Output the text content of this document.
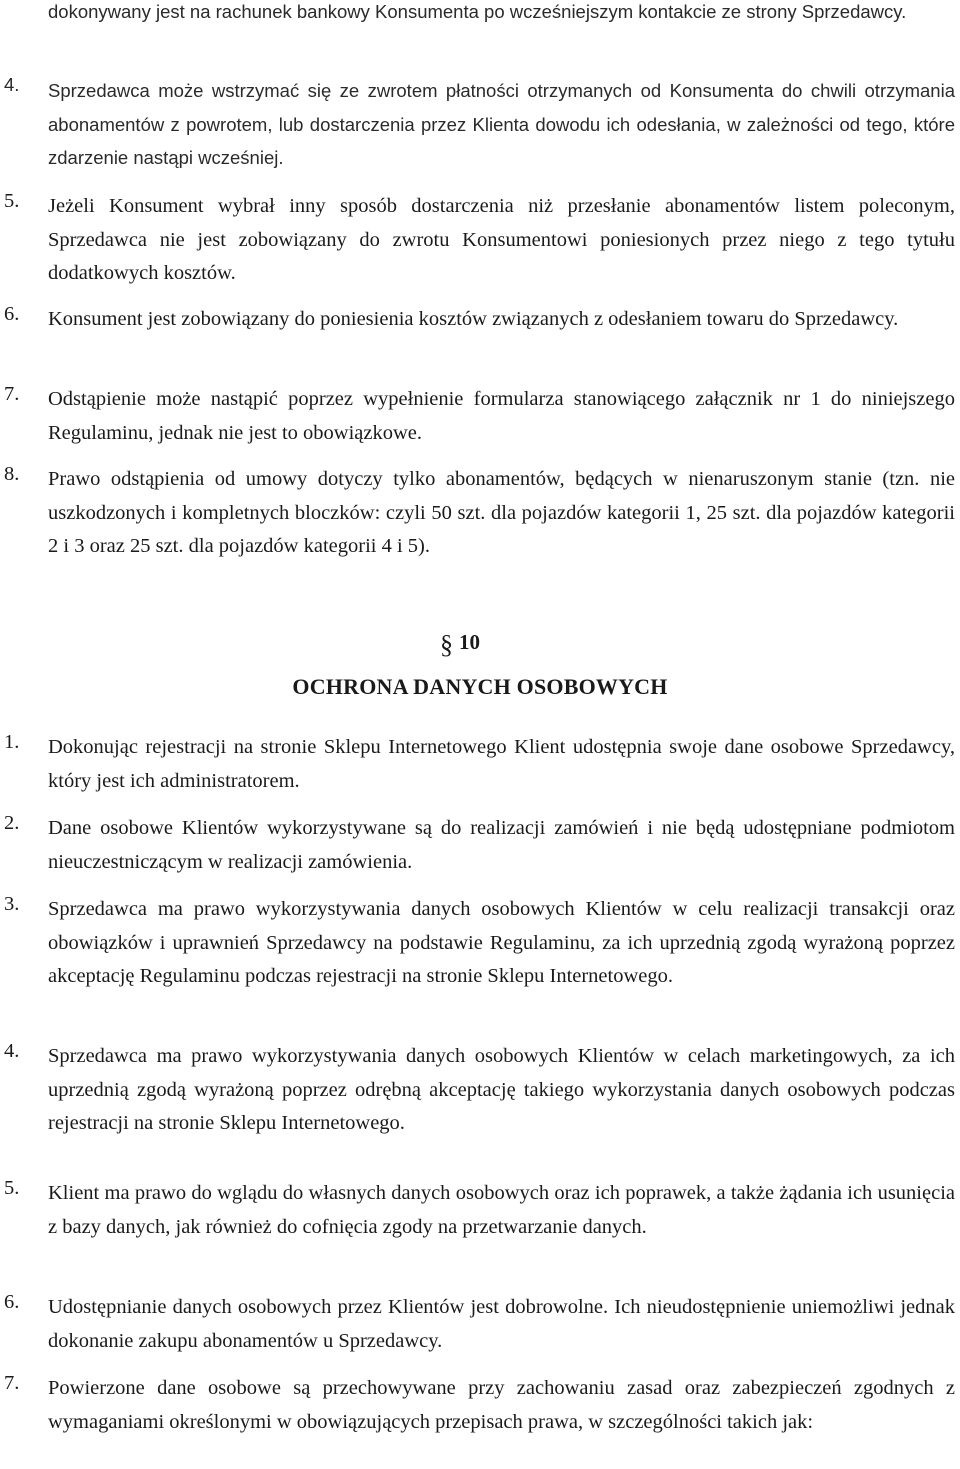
dokonywany jest na rachunek bankowy Konsumenta po wcześniejszym kontakcie ze strony Sprzedawcy.

4. Sprzedawca może wstrzymać się ze zwrotem płatności otrzymanych od Konsumenta do chwili otrzymania abonamentów z powrotem, lub dostarczenia przez Klienta dowodu ich odesłania, w zależności od tego, które zdarzenie nastąpi wcześniej.

5. Jeżeli Konsument wybrał inny sposób dostarczenia niż przesłanie abonamentów listem poleconym, Sprzedawca nie jest zobowiązany do zwrotu Konsumentowi poniesionych przez niego z tego tytułu dodatkowych kosztów.

6. Konsument jest zobowiązany do poniesienia kosztów związanych z odesłaniem towaru do Sprzedawcy.

7. Odstąpienie może nastąpić poprzez wypełnienie formularza stanowiącego załącznik nr 1 do niniejszego Regulaminu, jednak nie jest to obowiązkowe.

8. Prawo odstąpienia od umowy dotyczy tylko abonamentów, będących w nienaruszonym stanie (tzn. nie uszkodzonych i kompletnych bloczków: czyli 50 szt. dla pojazdów kategorii 1, 25 szt. dla pojazdów kategorii 2 i 3 oraz 25 szt. dla pojazdów kategorii 4 i 5).

§ 10
OCHRONA DANYCH OSOBOWYCH
1. Dokonując rejestracji na stronie Sklepu Internetowego Klient udostępnia swoje dane osobowe Sprzedawcy, który jest ich administratorem.

2. Dane osobowe Klientów wykorzystywane są do realizacji zamówień i nie będą udostępniane podmiotom nieuczestniczącym w realizacji zamówienia.

3. Sprzedawca ma prawo wykorzystywania danych osobowych Klientów w celu realizacji transakcji oraz obowiązków i uprawnień Sprzedawcy na podstawie Regulaminu, za ich uprzednią zgodą wyrażoną poprzez akceptację Regulaminu podczas rejestracji na stronie Sklepu Internetowego.

4. Sprzedawca ma prawo wykorzystywania danych osobowych Klientów w celach marketingowych, za ich uprzednią zgodą wyrażoną poprzez odrębną akceptację takiego wykorzystania danych osobowych podczas rejestracji na stronie Sklepu Internetowego.

5. Klient ma prawo do wglądu do własnych danych osobowych oraz ich poprawek, a także żądania ich usunięcia z bazy danych, jak również do cofnięcia zgody na przetwarzanie danych.

6. Udostępnianie danych osobowych przez Klientów jest dobrowolne. Ich nieudostępnienie uniemożliwi jednak dokonanie zakupu abonamentów u Sprzedawcy.

7. Powierzone dane osobowe są przechowywane przy zachowaniu zasad oraz zabezpieczeń zgodnych z wymaganiami określonymi w obowiązujących przepisach prawa, w szczególności takich jak:
